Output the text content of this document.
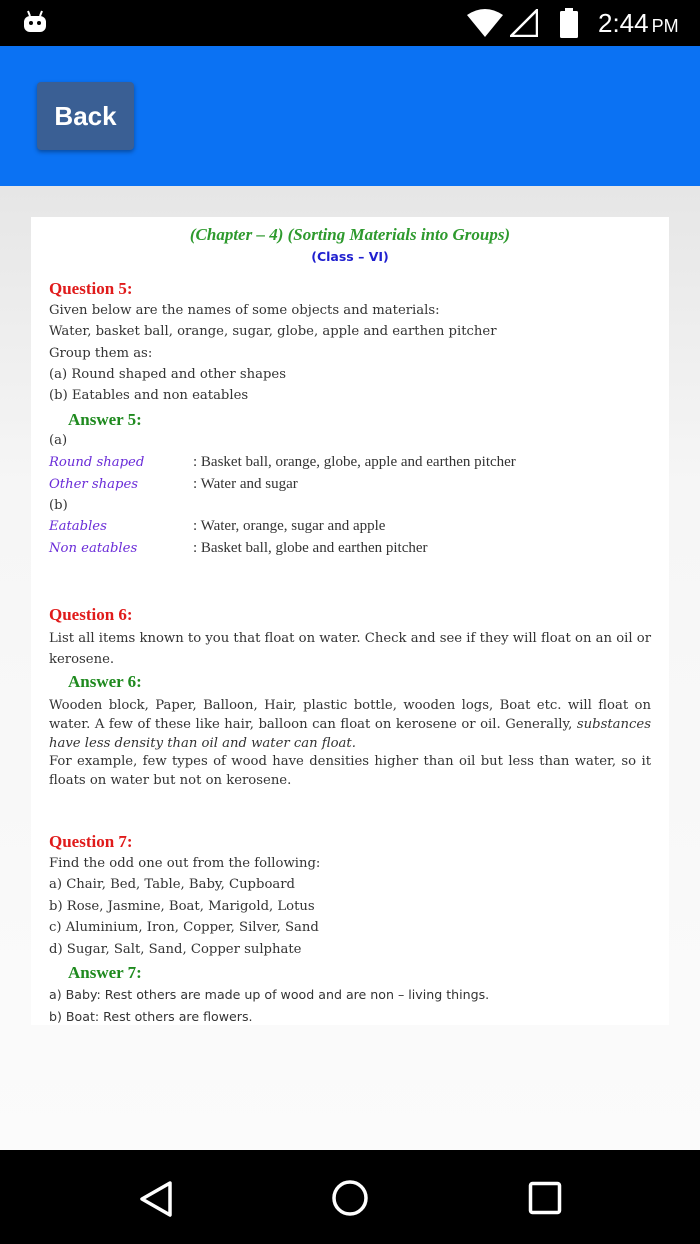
2:44 PM
Back
(Chapter – 4) (Sorting Materials into Groups)
(Class – VI)
Question 5:
Given below are the names of some objects and materials:
Water, basket ball, orange, sugar, globe, apple and earthen pitcher
Group them as:
(a) Round shaped and other shapes
(b) Eatables and non eatables
Answer 5:
(a)
Round shaped	: Basket ball, orange, globe, apple and earthen pitcher
Other shapes	: Water and sugar
(b)
Eatables	: Water, orange, sugar and apple
Non eatables	: Basket ball, globe and earthen pitcher
Question 6:
List all items known to you that float on water. Check and see if they will float on an oil or kerosene.
Answer 6:
Wooden block, Paper, Balloon, Hair, plastic bottle, wooden logs, Boat etc. will float on water. A few of these like hair, balloon can float on kerosene or oil. Generally, substances have less density than oil and water can float.
For example, few types of wood have densities higher than oil but less than water, so it floats on water but not on kerosene.
Question 7:
Find the odd one out from the following:
a) Chair, Bed, Table, Baby, Cupboard
b) Rose, Jasmine, Boat, Marigold, Lotus
c) Aluminium, Iron, Copper, Silver, Sand
d) Sugar, Salt, Sand, Copper sulphate
Answer 7:
a) Baby: Rest others are made up of wood and are non – living things.
b) Boat: Rest others are flowers.
